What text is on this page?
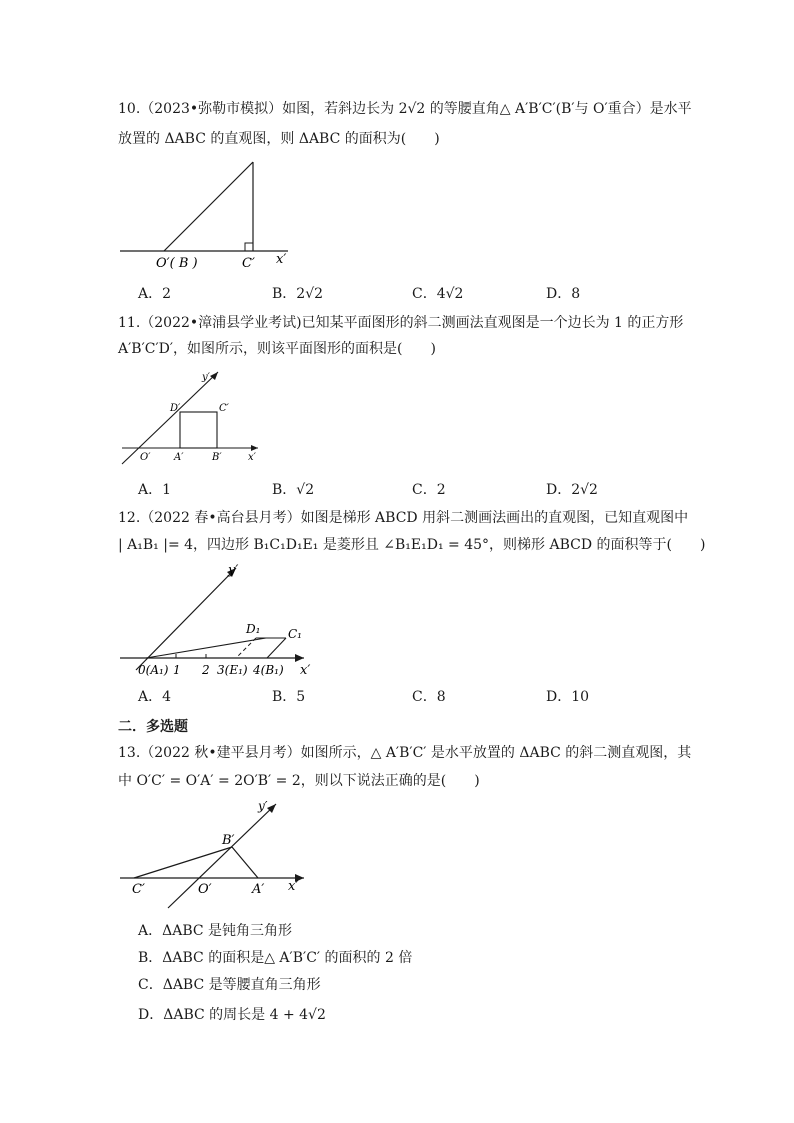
10.（2023•弥勒市模拟）如图，若斜边长为 2√2 的等腰直角△ A′B′C′(B′与 O′重合）是水平
放置的 ΔABC 的直观图，则 ΔABC 的面积为(　　)
O′( B )	C′ x′
A．2	B．2√2	C．4√2	D．8
11.（2022•漳浦县学业考试)已知某平面图形的斜二测画法直观图是一个边长为 1 的正方形
A′B′C′D′，如图所示，则该平面图形的面积是(　　)
y′
D′	C′
O′ A′	B′	x′
A．1	B．√2	C．2	D．2√2
12.（2022 春•高台县月考）如图是梯形 ABCD 用斜二测画法画出的直观图，已知直观图中
| A₁B₁ |= 4，四边形 B₁C₁D₁E₁ 是菱形且 ∠B₁E₁D₁ = 45°，则梯形 ABCD 的面积等于(　　)
D₁ C₁
y′
0(A₁) 1 2 3(E₁) 4(B₁) x′
A．4	B．5	C．8	D．10
二．多选题
13.（2022 秋•建平县月考）如图所示，△ A′B′C′ 是水平放置的 ΔABC 的斜二测直观图，其
中 O′C′ = O′A′ = 2O′B′ = 2，则以下说法正确的是(　　)
y′
B′
C′	O′	A′ x′
A．ΔABC 是钝角三角形
B．ΔABC 的面积是△ A′B′C′ 的面积的 2 倍
C．ΔABC 是等腰直角三角形
D．ΔABC 的周长是 4 + 4√2
